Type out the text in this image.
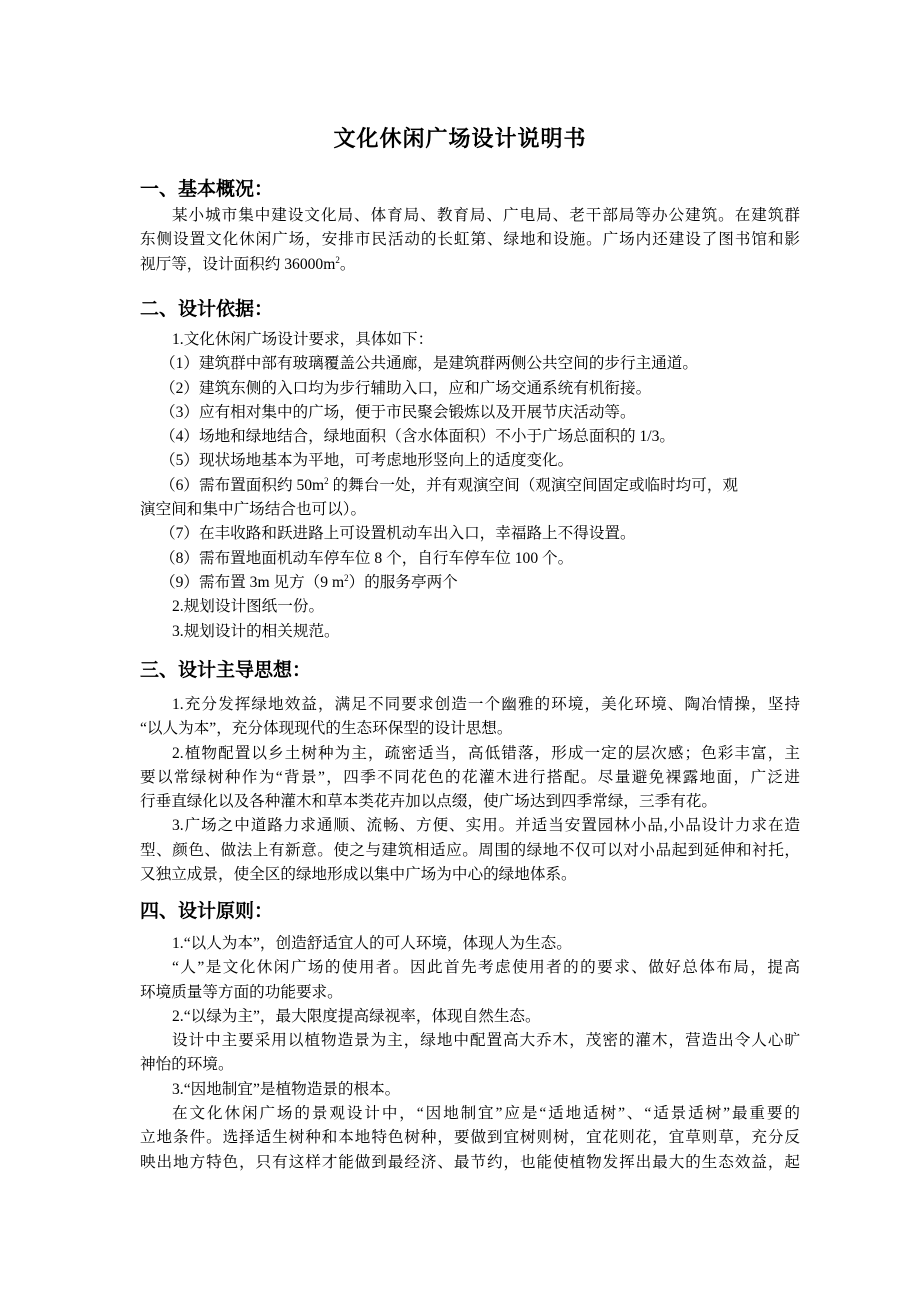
文化休闲广场设计说明书
一、基本概况：
某小城市集中建设文化局、体育局、教育局、广电局、老干部局等办公建筑。在建筑群
东侧设置文化休闲广场，安排市民活动的长虹第、绿地和设施。广场内还建设了图书馆和影
视厅等，设计面积约 $36000m^2$。
二、设计依据：
1.文化休闲广场设计要求，具体如下：
（1）建筑群中部有玻璃覆盖公共通廊，是建筑群两侧公共空间的步行主通道。
（2）建筑东侧的入口均为步行辅助入口，应和广场交通系统有机衔接。
（3）应有相对集中的广场，便于市民聚会锻炼以及开展节庆活动等。
（4）场地和绿地结合，绿地面积（含水体面积）不小于广场总面积的 1/3。
（5）现状场地基本为平地，可考虑地形竖向上的适度变化。
（6）需布置面积约 $50m^2$ 的舞台一处，并有观演空间（观演空间固定或临时均可，观
演空间和集中广场结合也可以）。
（7）在丰收路和跃进路上可设置机动车出入口，幸福路上不得设置。
（8）需布置地面机动车停车位 8 个，自行车停车位 100 个。
（9）需布置 3m 见方（9 $m^2$）的服务亭两个
2.规划设计图纸一份。
3.规划设计的相关规范。
三、设计主导思想：
1.充分发挥绿地效益，满足不同要求创造一个幽雅的环境，美化环境、陶冶情操，坚持
“以人为本”，充分体现现代的生态环保型的设计思想。
2.植物配置以乡土树种为主，疏密适当，高低错落，形成一定的层次感；色彩丰富，主
要以常绿树种作为“背景”，四季不同花色的花灌木进行搭配。尽量避免裸露地面，广泛进
行垂直绿化以及各种灌木和草本类花卉加以点缀，使广场达到四季常绿，三季有花。
3.广场之中道路力求通顺、流畅、方便、实用。并适当安置园林小品,小品设计力求在造
型、颜色、做法上有新意。使之与建筑相适应。周围的绿地不仅可以对小品起到延伸和衬托，
又独立成景，使全区的绿地形成以集中广场为中心的绿地体系。
四、设计原则：
1.“以人为本”，创造舒适宜人的可人环境，体现人为生态。
“人”是文化休闲广场的使用者。因此首先考虑使用者的的要求、做好总体布局，提高
环境质量等方面的功能要求。
2.“以绿为主”，最大限度提高绿视率，体现自然生态。
设计中主要采用以植物造景为主，绿地中配置高大乔木，茂密的灌木，营造出令人心旷
神怡的环境。
3.“因地制宜”是植物造景的根本。
在文化休闲广场的景观设计中，“因地制宜”应是“适地适树”、“适景适树”最重要的
立地条件。选择适生树种和本地特色树种，要做到宜树则树，宜花则花，宜草则草，充分反
映出地方特色，只有这样才能做到最经济、最节约，也能使植物发挥出最大的生态效益，起
